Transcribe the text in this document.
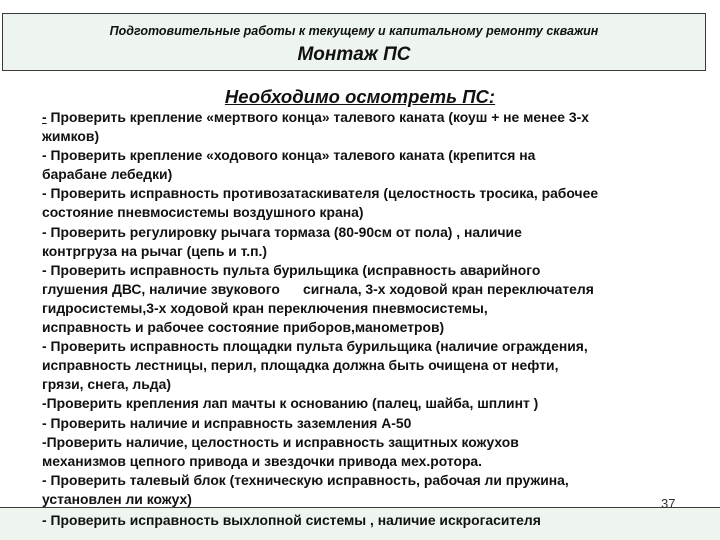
Подготовительные работы к текущему и капитальному ремонту скважин
Монтаж ПС
Необходимо осмотреть ПС:
- Проверить крепление «мертвого конца» талевого каната (коуш + не менее 3-х
жимков)
- Проверить крепление «ходового конца» талевого каната (крепится на
барабане лебедки)
- Проверить исправность противозатаскивателя (целостность тросика, рабочее
состояние пневмосистемы воздушного крана)
- Проверить регулировку рычага тормаза (80-90см от пола) , наличие
контргруза на рычаг (цепь и т.п.)
- Проверить исправность пульта бурильщика (исправность аварийного
глушения ДВС, наличие звукового      сигнала, 3-х ходовой кран переключателя
гидросистемы,3-х ходовой кран переключения пневмосистемы,
исправность и рабочее состояние приборов,манометров)
- Проверить исправность площадки пульта бурильщика (наличие ограждения,
исправность лестницы, перил, площадка должна быть очищена от нефти,
грязи, снега, льда)
-Проверить крепления лап мачты к основанию (палец, шайба, шплинт )
- Проверить наличие и исправность заземления А-50
-Проверить наличие, целостность и исправность защитных кожухов
механизмов цепного привода и звездочки привода мех.ротора.
- Проверить талевый блок (техническую исправность, рабочая ли пружина,
установлен ли кожух)	37
- Проверить исправность выхлопной системы , наличие искрогасителя
